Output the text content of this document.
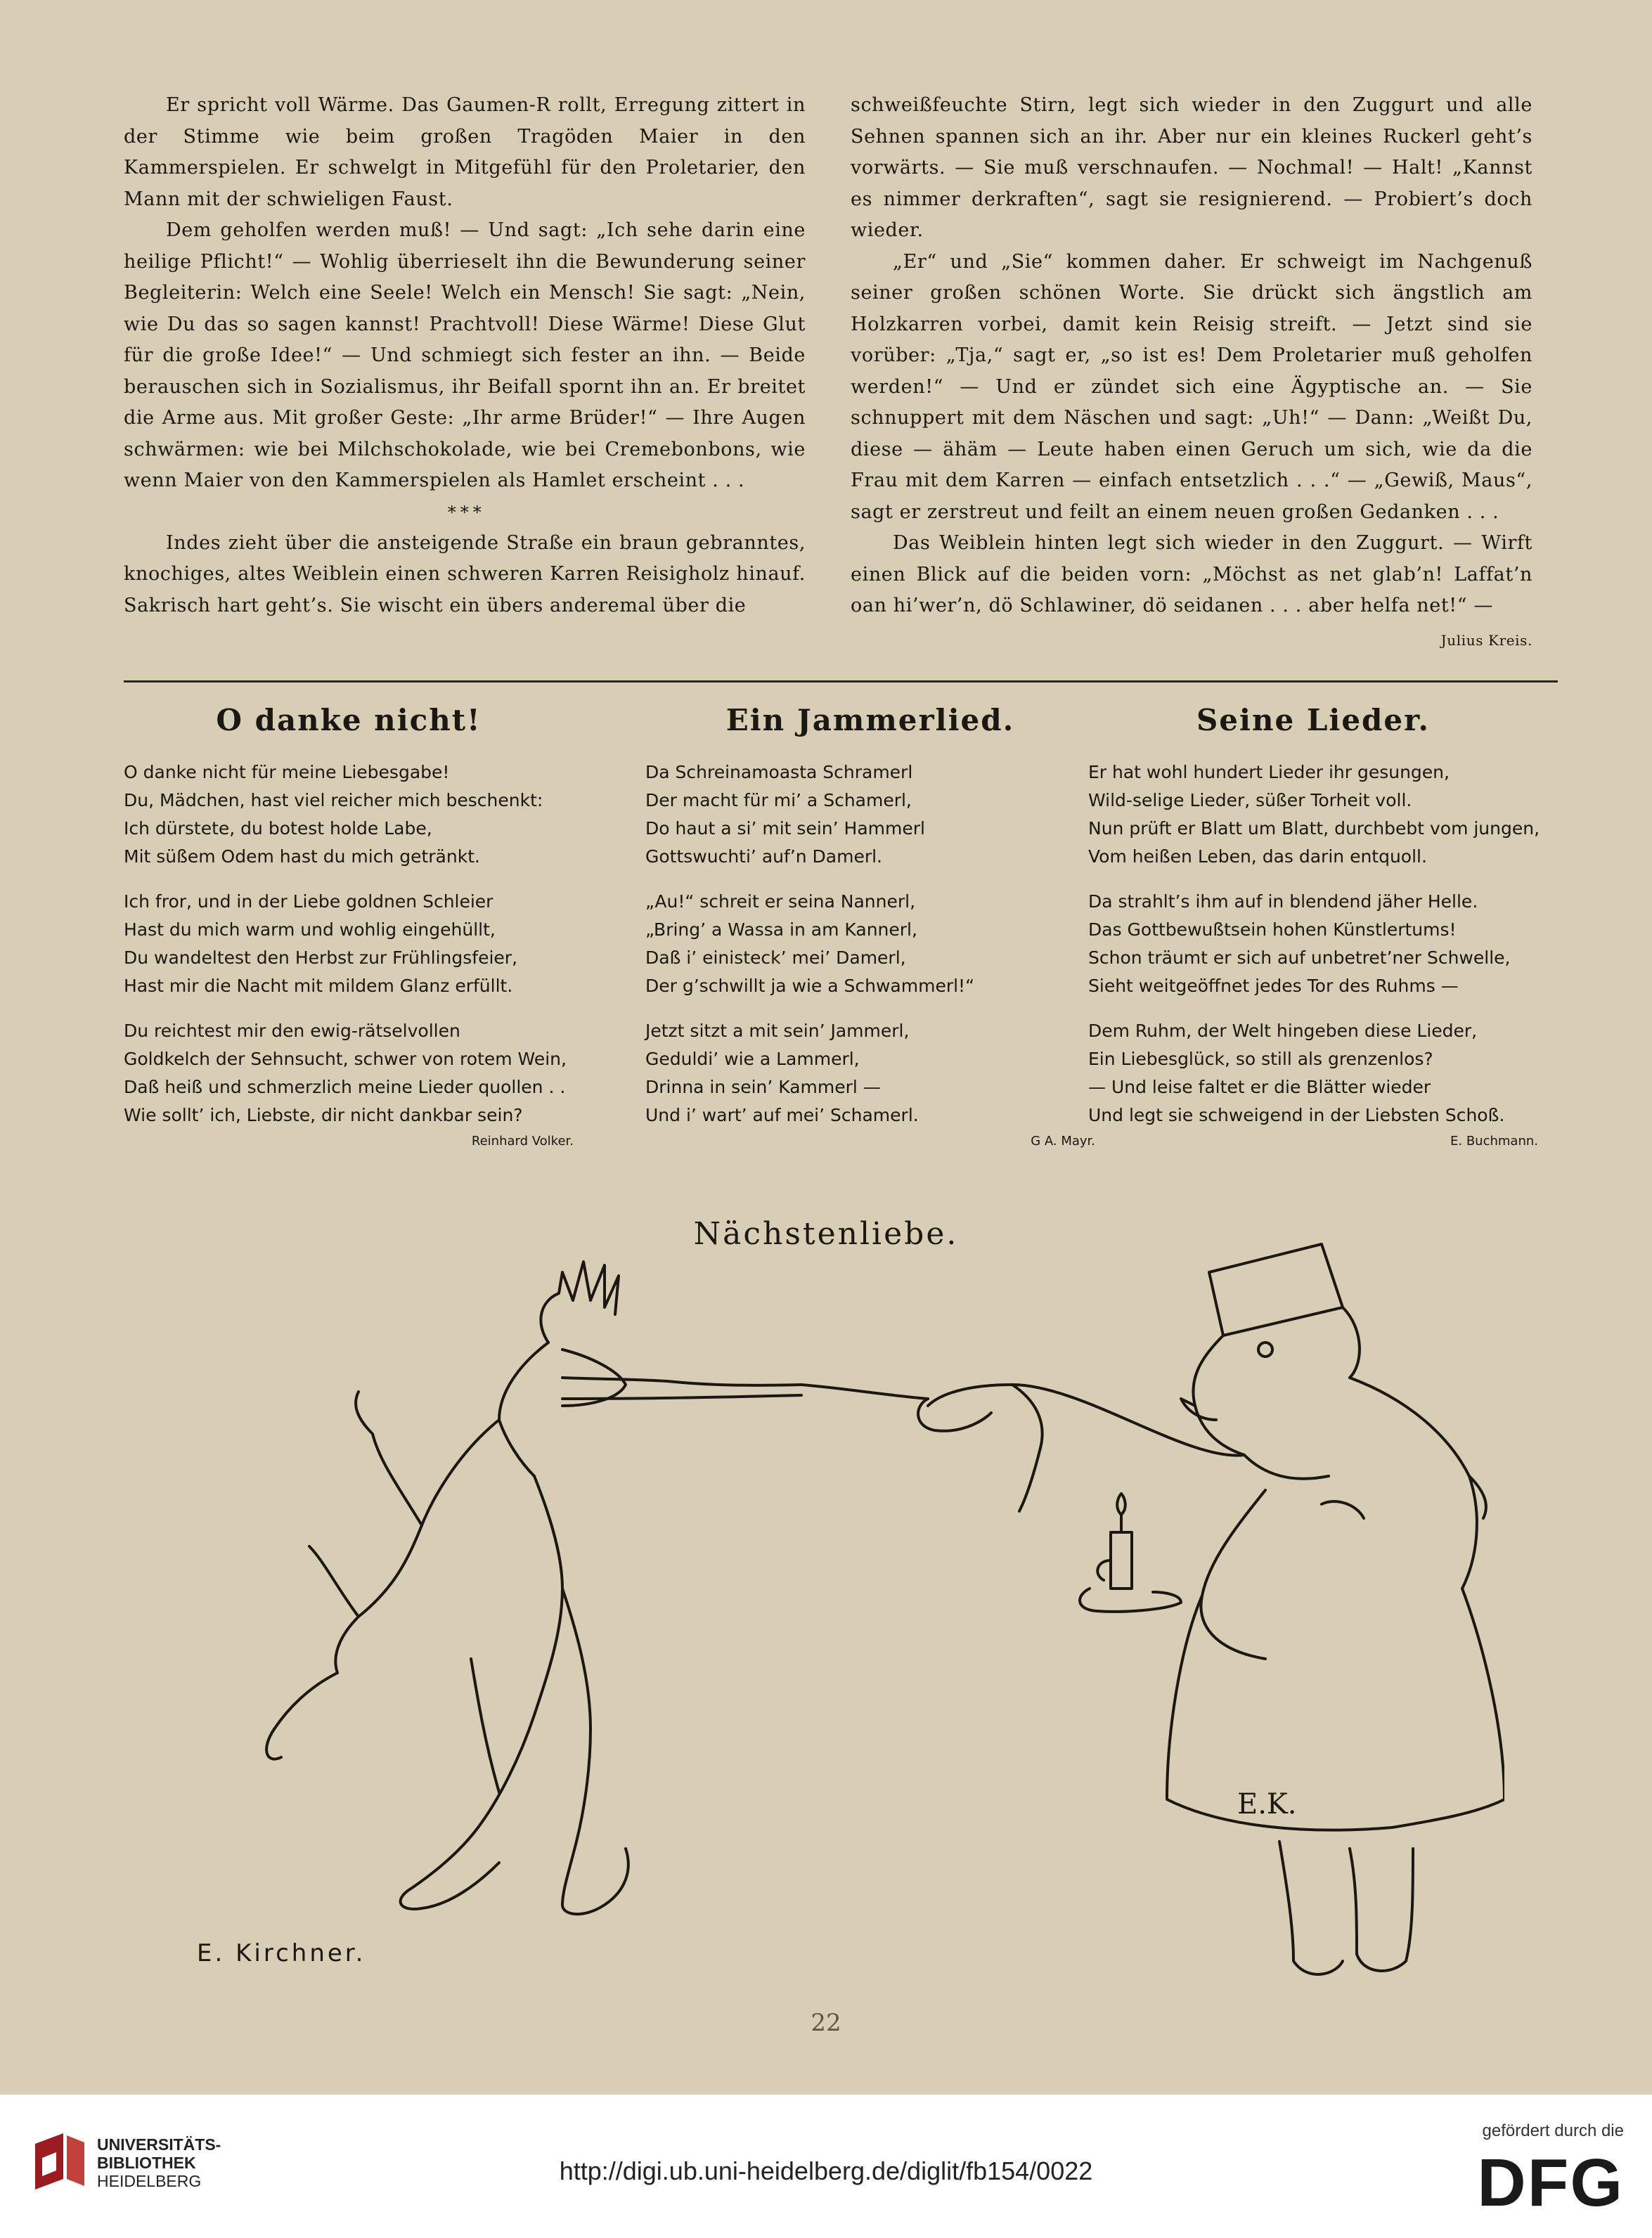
Er spricht voll Wärme. Das Gaumen-R rollt, Erregung zittert in der Stimme wie beim großen Tragöden Maier in den Kammerspielen. Er schwelgt in Mitgefühl für den Proletarier, den Mann mit der schwieligen Faust.

Dem geholfen werden muß! — Und sagt: „Ich sehe darin eine heilige Pflicht!“ — Wohlig überrieselt ihn die Bewunderung seiner Begleiterin: Welch eine Seele! Welch ein Mensch! Sie sagt: „Nein, wie Du das so sagen kannst! Prachtvoll! Diese Wärme! Diese Glut für die große Idee!“ — Und schmiegt sich fester an ihn. — Beide berauschen sich in Sozialismus, ihr Beifall spornt ihn an. Er breitet die Arme aus. Mit großer Geste: „Ihr arme Brüder!“ — Ihre Augen schwärmen: wie bei Milchschokolade, wie bei Cremebonbons, wie wenn Maier von den Kammerspielen als Hamlet erscheint . . .

* * *

Indes zieht über die ansteigende Straße ein braun gebranntes, knochiges, altes Weiblein einen schweren Karren Reisigholz hinauf. Sakrisch hart geht’s. Sie wischt ein übers anderemal über die

schweißfeuchte Stirn, legt sich wieder in den Zuggurt und alle Sehnen spannen sich an ihr. Aber nur ein kleines Ruckerl geht’s vorwärts. — Sie muß verschnaufen. — Nochmal! — Halt! „Kannst es nimmer derkraften“, sagt sie resignierend. — Probiert’s doch wieder.

„Er“ und „Sie“ kommen daher. Er schweigt im Nachgenuß seiner großen schönen Worte. Sie drückt sich ängstlich am Holzkarren vorbei, damit kein Reisig streift. — Jetzt sind sie vorüber: „Tja,“ sagt er, „so ist es! Dem Proletarier muß geholfen werden!“ — Und er zündet sich eine Ägyptische an. — Sie schnuppert mit dem Näschen und sagt: „Uh!“ — Dann: „Weißt Du, diese — ähäm — Leute haben einen Geruch um sich, wie da die Frau mit dem Karren — einfach entsetzlich . . .“ — „Gewiß, Maus“, sagt er zerstreut und feilt an einem neuen großen Gedanken . . .

Das Weiblein hinten legt sich wieder in den Zuggurt. — Wirft einen Blick auf die beiden vorn: „Möchst as net glab’n! Laffat’n oan hi’wer’n, dö Schlawiner, dö seidanen . . . aber helfa net!“ —

Julius Kreis.
O danke nicht!
O danke nicht für meine Liebesgabe!
Du, Mädchen, hast viel reicher mich beschenkt:
Ich dürstete, du botest holde Labe,
Mit süßem Odem hast du mich getränkt.
Ich fror, und in der Liebe goldnen Schleier
Hast du mich warm und wohlig eingehüllt,
Du wandeltest den Herbst zur Frühlingsfeier,
Hast mir die Nacht mit mildem Glanz erfüllt.
Du reichtest mir den ewig-rätselvollen
Goldkelch der Sehnsucht, schwer von rotem Wein,
Daß heiß und schmerzlich meine Lieder quollen . .
Wie sollt’ ich, Liebste, dir nicht dankbar sein?
Reinhard Volker.
Ein Jammerlied.
Da Schreinamoasta Schramerl
Der macht für mi’ a Schamerl,
Do haut a si’ mit sein’ Hammerl
Gottswuchti’ auf’n Damerl.
„Au!“ schreit er seina Nannerl,
„Bring’ a Wassa in am Kannerl,
Daß i’ einisteck’ mei’ Damerl,
Der g’schwillt ja wie a Schwammerl!“
Jetzt sitzt a mit sein’ Jammerl,
Geduldi’ wie a Lammerl,
Drinna in sein’ Kammerl —
Und i’ wart’ auf mei’ Schamerl.
G A. Mayr.
Seine Lieder.
Er hat wohl hundert Lieder ihr gesungen,
Wild-selige Lieder, süßer Torheit voll.
Nun prüft er Blatt um Blatt, durchbebt vom jungen,
Vom heißen Leben, das darin entquoll.
Da strahlt’s ihm auf in blendend jäher Helle.
Das Gottbewußtsein hohen Künstlertums!
Schon träumt er sich auf unbetret’ner Schwelle,
Sieht weitgeöffnet jedes Tor des Ruhms —
Dem Ruhm, der Welt hingeben diese Lieder,
Ein Liebesglück, so still als grenzenlos?
— Und leise faltet er die Blätter wieder
Und legt sie schweigend in der Liebsten Schoß.
E. Buchmann.
Nächstenliebe.
E.K.
E. Kirchner.
22
UNIVERSITÄTS-
BIBLIOTHEK
HEIDELBERG	http://digi.ub.uni-heidelberg.de/diglit/fb154/0022
gefördert durch die
DFG
